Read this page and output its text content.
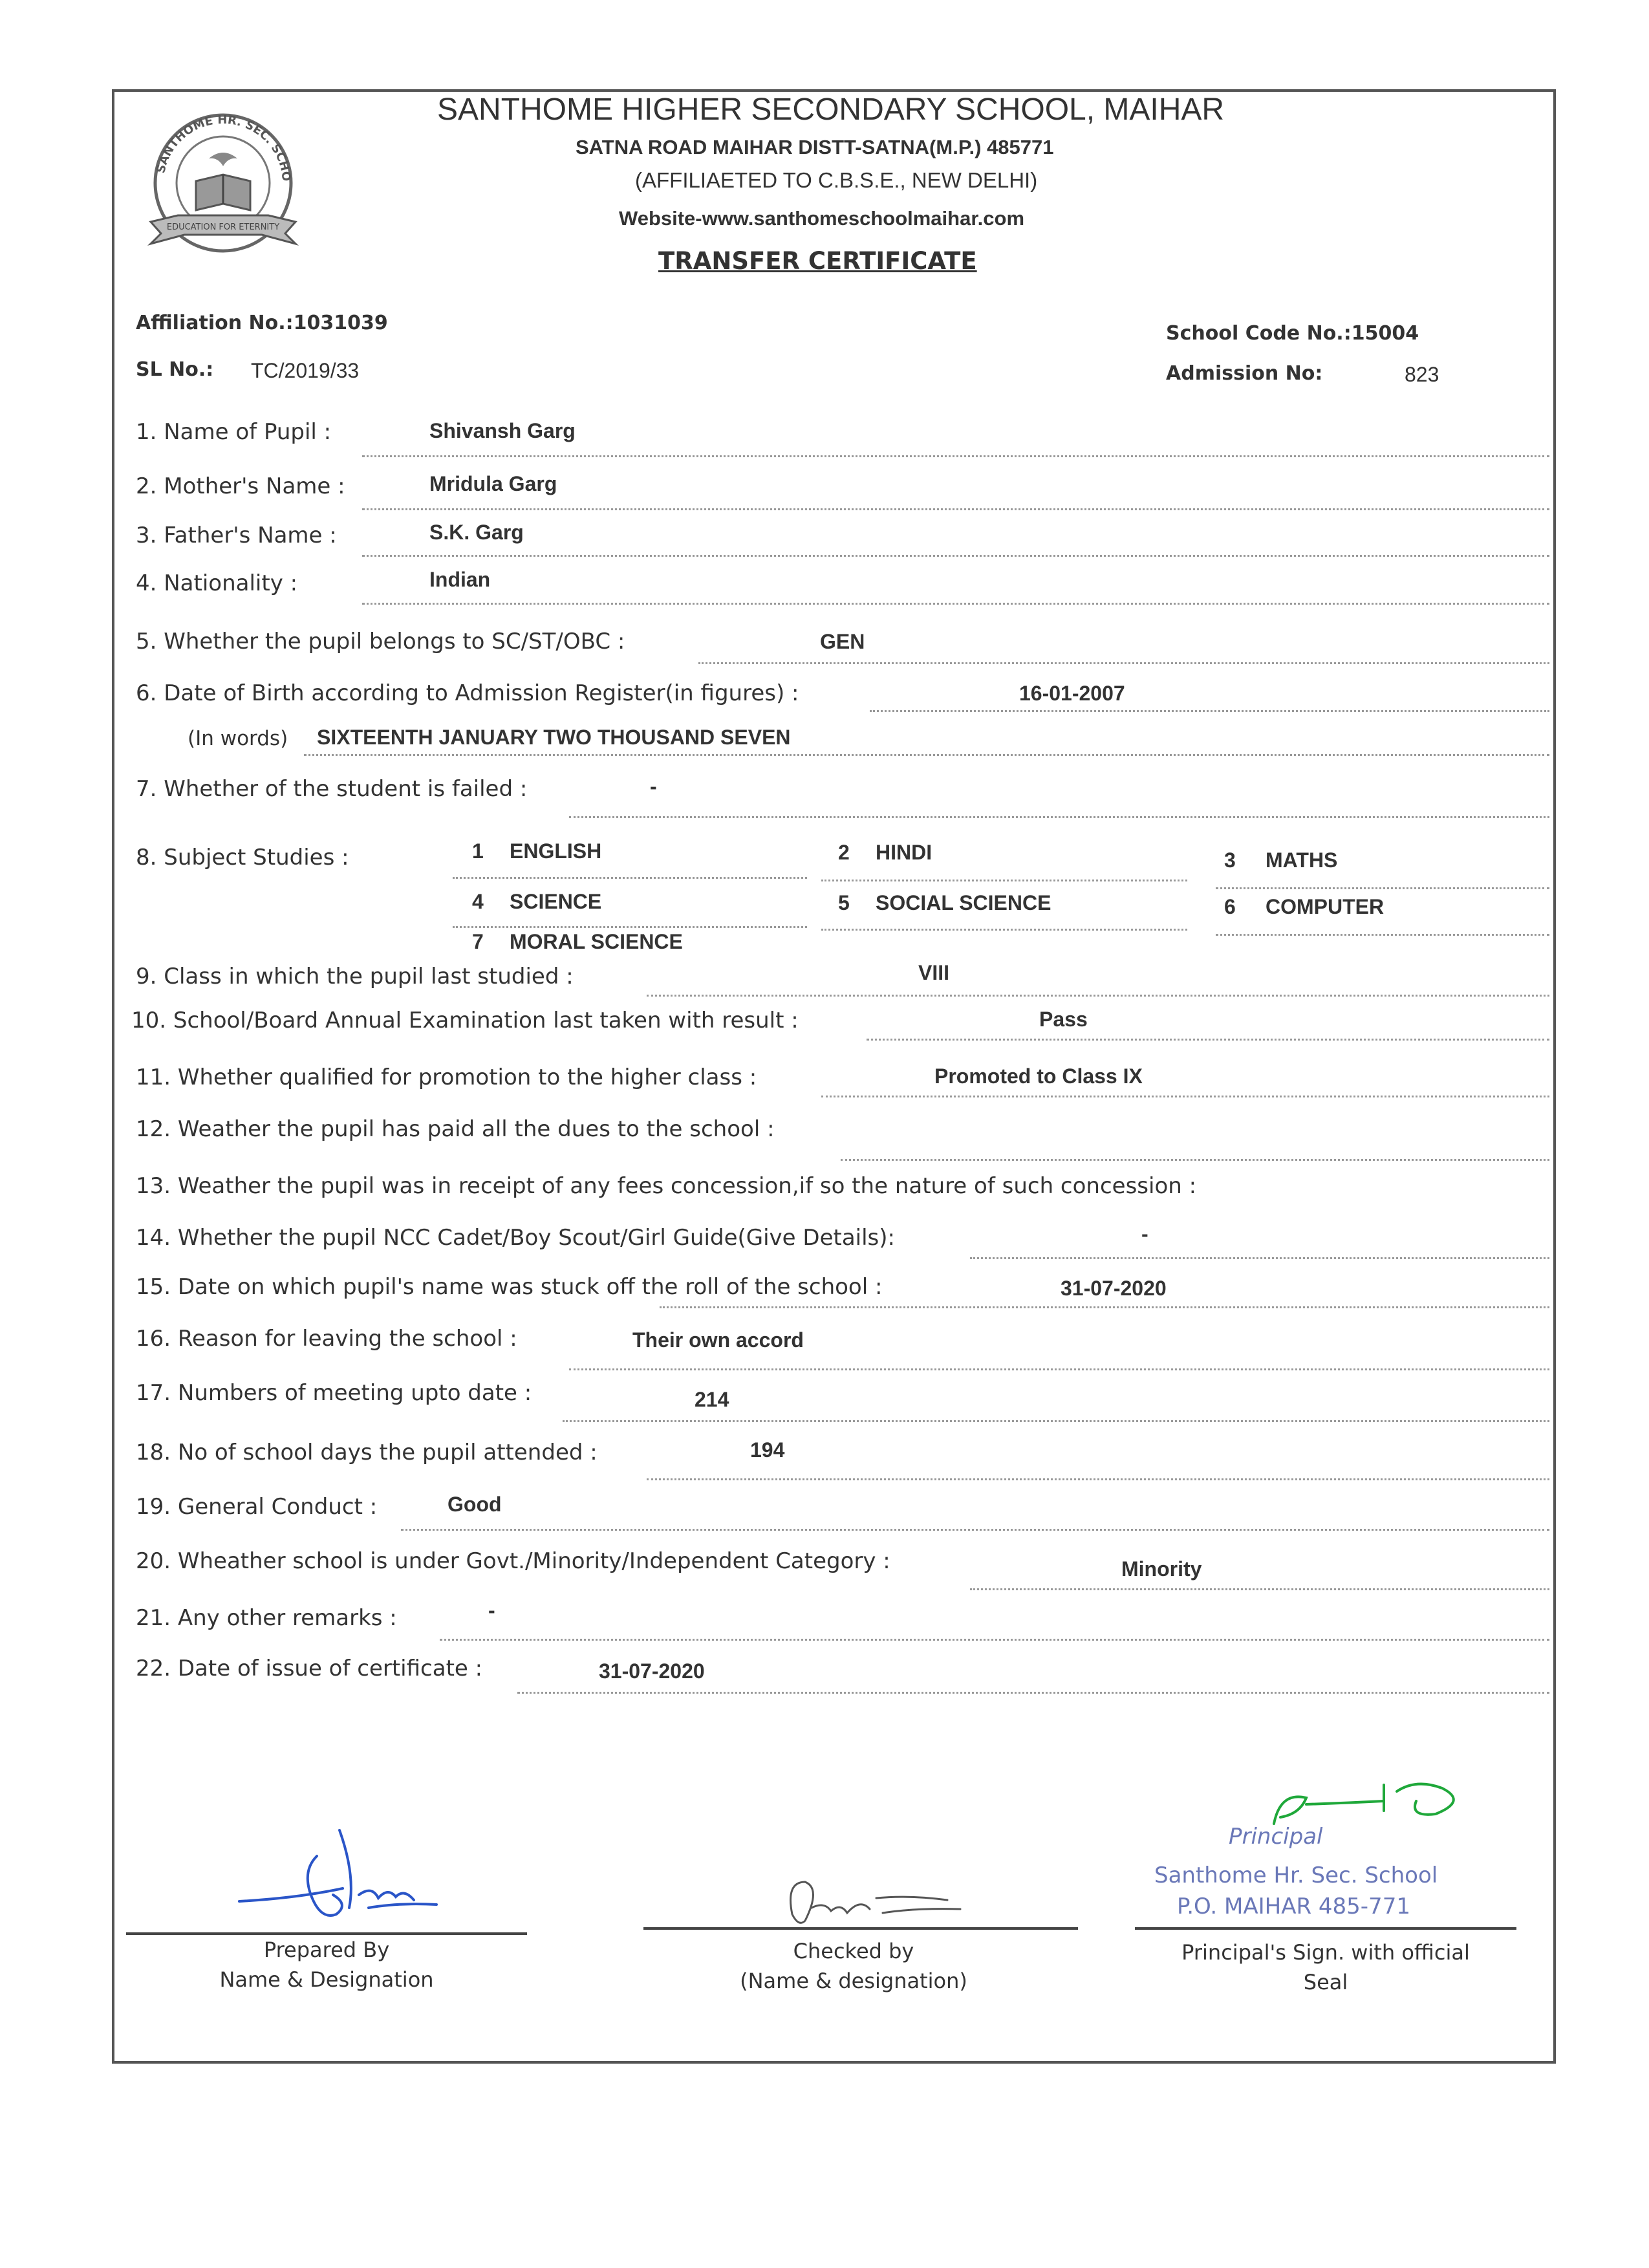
SANTHOME HR. SEC. SCHO
EDUCATION FOR ETERNITY
SANTHOME HIGHER SECONDARY SCHOOL, MAIHAR
SATNA ROAD MAIHAR DISTT-SATNA(M.P.) 485771
(AFFILIAETED TO C.B.S.E., NEW DELHI)
Website-www.santhomeschoolmaihar.com
TRANSFER CERTIFICATE
Affiliation No.:1031039	School Code No.:15004
SL No.: TC/2019/33	Admission No:	823
1. Name of Pupil :	Shivansh Garg
2. Mother's Name :	Mridula Garg
3. Father's Name :	S.K. Garg
4. Nationality :	Indian
5. Whether the pupil belongs to SC/ST/OBC :	GEN
6. Date of Birth according to Admission Register(in figures) :	16-01-2007
(In words) SIXTEENTH JANUARY TWO THOUSAND SEVEN
7. Whether of the student is failed :	-
8. Subject Studies :	1 ENGLISH	2 HINDI	3 MATHS
4 SCIENCE	5 SOCIAL SCIENCE	6 COMPUTER
7 MORAL SCIENCE
9. Class in which the pupil last studied :	VIII
10. School/Board Annual Examination last taken with result :	Pass
11. Whether qualified for promotion to the higher class :	Promoted to Class IX
12. Weather the pupil has paid all the dues to the school :
13. Weather the pupil was in receipt of any fees concession,if so the nature of such concession :
14. Whether the pupil NCC Cadet/Boy Scout/Girl Guide(Give Details):	-
15. Date on which pupil's name was stuck off the roll of the school :	31-07-2020
16. Reason for leaving the school :	Their own accord
17. Numbers of meeting upto date :	214
18. No of school days the pupil attended :	194
19. General Conduct :	Good
20. Wheather school is under Govt./Minority/Independent Category :	Minority
21. Any other remarks :	-
22. Date of issue of certificate :	31-07-2020
Principal
Santhome Hr. Sec. School
P.O. MAIHAR 485-771
Prepared By
Name & Designation
Checked by
(Name & designation)
Principal's Sign. with official
Seal
